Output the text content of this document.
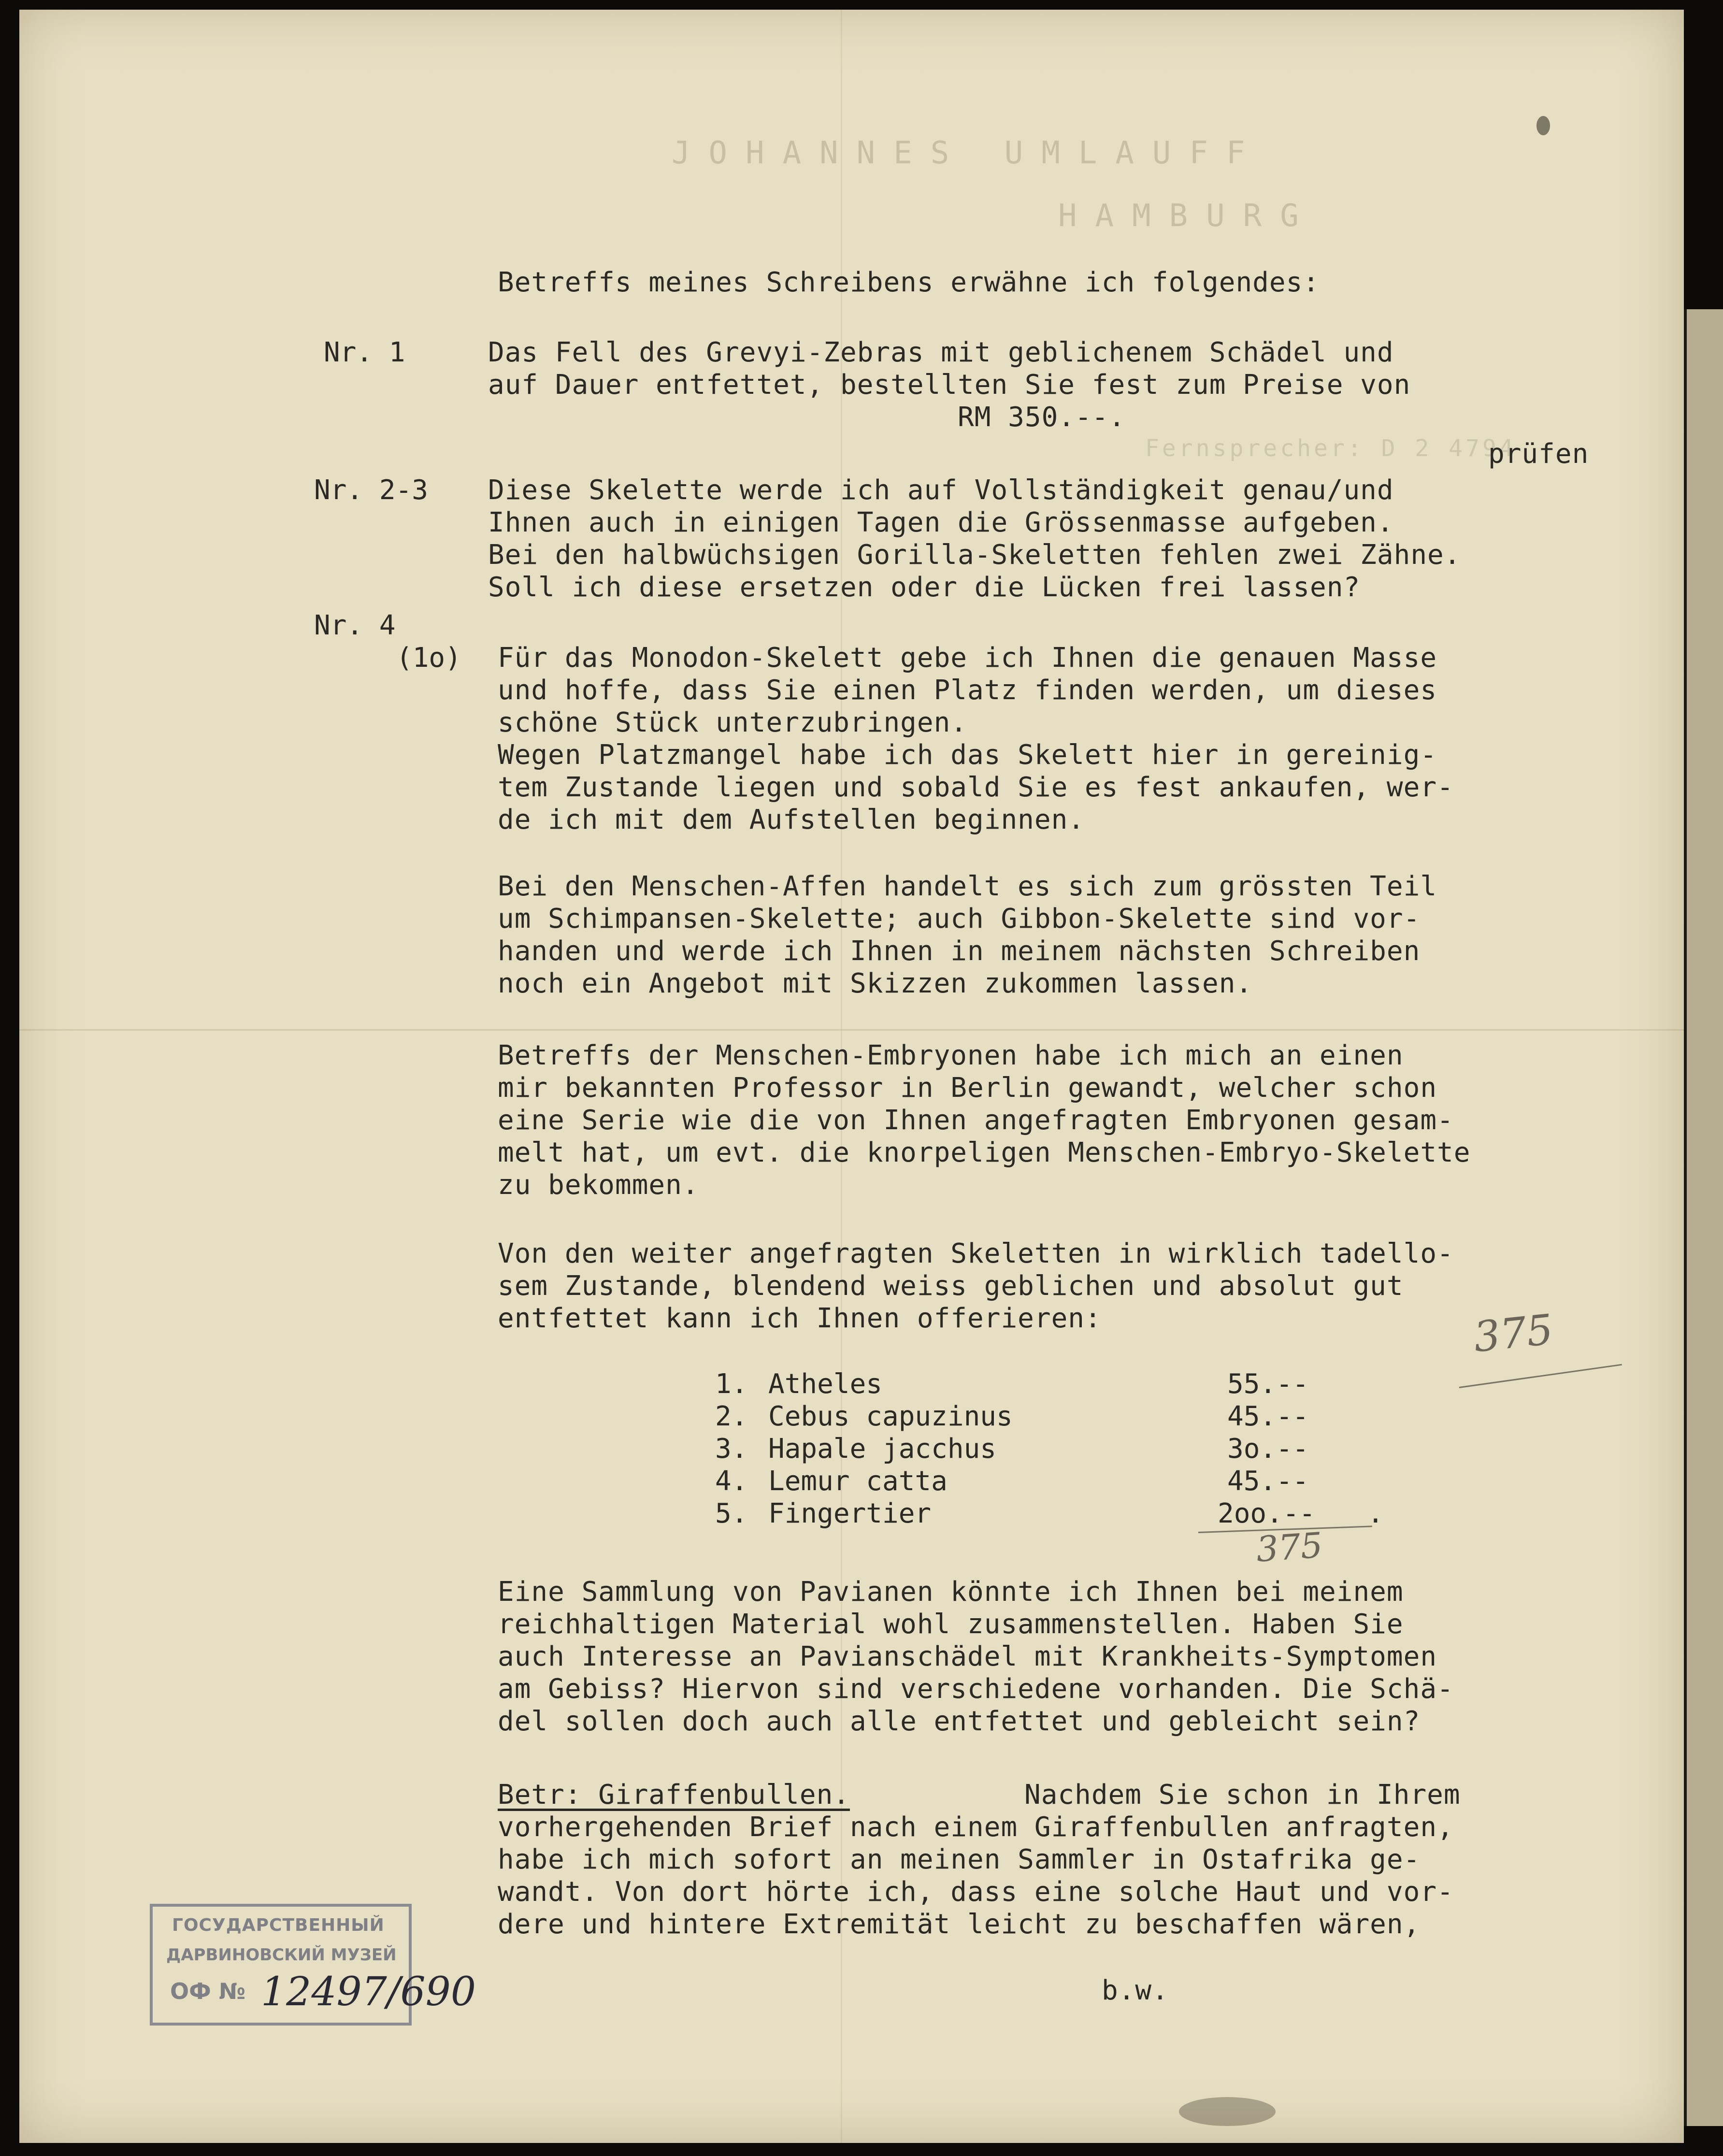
JOHANNES UMLAUFF
HAMBURG
Fernsprecher: D 2 4794
Betreffs meines Schreibens erwähne ich folgendes:
Nr. 1	Das Fell des Grevyi-Zebras mit geblichenem Schädel und
auf Dauer entfettet, bestellten Sie fest zum Preise von
RM 350.--.
prüfen
Nr. 2-3 Diese Skelette werde ich auf Vollständigkeit genau/und
Ihnen auch in einigen Tagen die Grössenmasse aufgeben.
Bei den halbwüchsigen Gorilla-Skeletten fehlen zwei Zähne.
Soll ich diese ersetzen oder die Lücken frei lassen?
Nr. 4
(1o) Für das Monodon-Skelett gebe ich Ihnen die genauen Masse
und hoffe, dass Sie einen Platz finden werden, um dieses
schöne Stück unterzubringen.
Wegen Platzmangel habe ich das Skelett hier in gereinig-
tem Zustande liegen und sobald Sie es fest ankaufen, wer-
de ich mit dem Aufstellen beginnen.
Bei den Menschen-Affen handelt es sich zum grössten Teil
um Schimpansen-Skelette; auch Gibbon-Skelette sind vor-
handen und werde ich Ihnen in meinem nächsten Schreiben
noch ein Angebot mit Skizzen zukommen lassen.
Betreffs der Menschen-Embryonen habe ich mich an einen
mir bekannten Professor in Berlin gewandt, welcher schon
eine Serie wie die von Ihnen angefragten Embryonen gesam-
melt hat, um evt. die knorpeligen Menschen-Embryo-Skelette
zu bekommen.
Von den weiter angefragten Skeletten in wirklich tadello-
sem Zustande, blendend weiss geblichen und absolut gut
entfettet kann ich Ihnen offerieren:
1. Atheles	55.--
2. Cebus capuzinus	45.--
3. Hapale jacchus	3o.--
4. Lemur catta	45.--
5. Fingertier	2oo.-- .
375
375
Eine Sammlung von Pavianen könnte ich Ihnen bei meinem
reichhaltigen Material wohl zusammenstellen. Haben Sie
auch Interesse an Pavianschädel mit Krankheits-Symptomen
am Gebiss? Hiervon sind verschiedene vorhanden. Die Schä-
del sollen doch auch alle entfettet und gebleicht sein?
Betr: Giraffenbullen.	Nachdem Sie schon in Ihrem
vorhergehenden Brief nach einem Giraffenbullen anfragten,
habe ich mich sofort an meinen Sammler in Ostafrika ge-
wandt. Von dort hörte ich, dass eine solche Haut und vor-
dere und hintere Extremität leicht zu beschaffen wären,
b.w.
ГОСУДАРСТВЕННЫЙ
ДАРВИНОВСКИЙ МУЗЕЙ
ОФ № 12497/690
